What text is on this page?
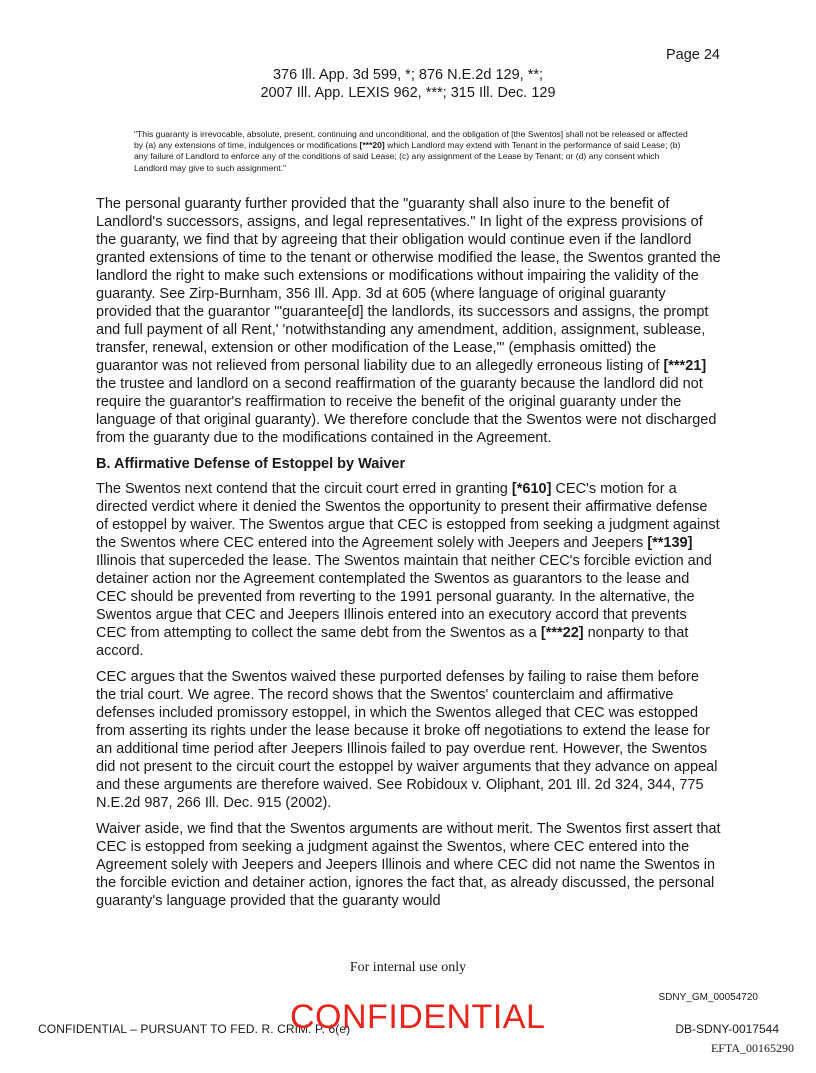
Page 24
376 Ill. App. 3d 599, *; 876 N.E.2d 129, **;
2007 Ill. App. LEXIS 962, ***; 315 Ill. Dec. 129
"This guaranty is irrevocable, absolute, present, continuing and unconditional, and the obligation of [the Swentos] shall not be released or affected by (a) any extensions of time, indulgences or modifications [***20] which Landlord may extend with Tenant in the performance of said Lease; (b) any failure of Landlord to enforce any of the conditions of said Lease; (c) any assignment of the Lease by Tenant; or (d) any consent which Landlord may give to such assignment."

The personal guaranty further provided that the "guaranty shall also inure to the benefit of Landlord's successors, assigns, and legal representatives." In light of the express provisions of the guaranty, we find that by agreeing that their obligation would continue even if the landlord granted extensions of time to the tenant or otherwise modified the lease, the Swentos granted the landlord the right to make such extensions or modifications without impairing the validity of the guaranty. See Zirp-Burnham, 356 Ill. App. 3d at 605 (where language of original guaranty provided that the guarantor '"guarantee[d] the landlords, its successors and assigns, the prompt and full payment of all Rent,' 'notwithstanding any amendment, addition, assignment, sublease, transfer, renewal, extension or other modification of the Lease,"' (emphasis omitted) the guarantor was not relieved from personal liability due to an allegedly erroneous listing of [***21] the trustee and landlord on a second reaffirmation of the guaranty because the landlord did not require the guarantor's reaffirmation to receive the benefit of the original guaranty under the language of that original guaranty). We therefore conclude that the Swentos were not discharged from the guaranty due to the modifications contained in the Agreement.

B. Affirmative Defense of Estoppel by Waiver

The Swentos next contend that the circuit court erred in granting [*610] CEC's motion for a directed verdict where it denied the Swentos the opportunity to present their affirmative defense of estoppel by waiver. The Swentos argue that CEC is estopped from seeking a judgment against the Swentos where CEC entered into the Agreement solely with Jeepers and Jeepers [**139] Illinois that superceded the lease. The Swentos maintain that neither CEC's forcible eviction and detainer action nor the Agreement contemplated the Swentos as guarantors to the lease and CEC should be prevented from reverting to the 1991 personal guaranty. In the alternative, the Swentos argue that CEC and Jeepers Illinois entered into an executory accord that prevents CEC from attempting to collect the same debt from the Swentos as a [***22] nonparty to that accord.

CEC argues that the Swentos waived these purported defenses by failing to raise them before the trial court. We agree. The record shows that the Swentos' counterclaim and affirmative defenses included promissory estoppel, in which the Swentos alleged that CEC was estopped from asserting its rights under the lease because it broke off negotiations to extend the lease for an additional time period after Jeepers Illinois failed to pay overdue rent. However, the Swentos did not present to the circuit court the estoppel by waiver arguments that they advance on appeal and these arguments are therefore waived. See Robidoux v. Oliphant, 201 Ill. 2d 324, 344, 775 N.E.2d 987, 266 Ill. Dec. 915 (2002).

Waiver aside, we find that the Swentos arguments are without merit. The Swentos first assert that CEC is estopped from seeking a judgment against the Swentos, where CEC entered into the Agreement solely with Jeepers and Jeepers Illinois and where CEC did not name the Swentos in the forcible eviction and detainer action, ignores the fact that, as already discussed, the personal guaranty's language provided that the guaranty would

For internal use only
SDNY_GM_00054720
CONFIDENTIAL – PURSUANT TO FED. R. CRIM. P. 6(e)
CONFIDENTIAL	DB-SDNY-0017544
EFTA_00165290
